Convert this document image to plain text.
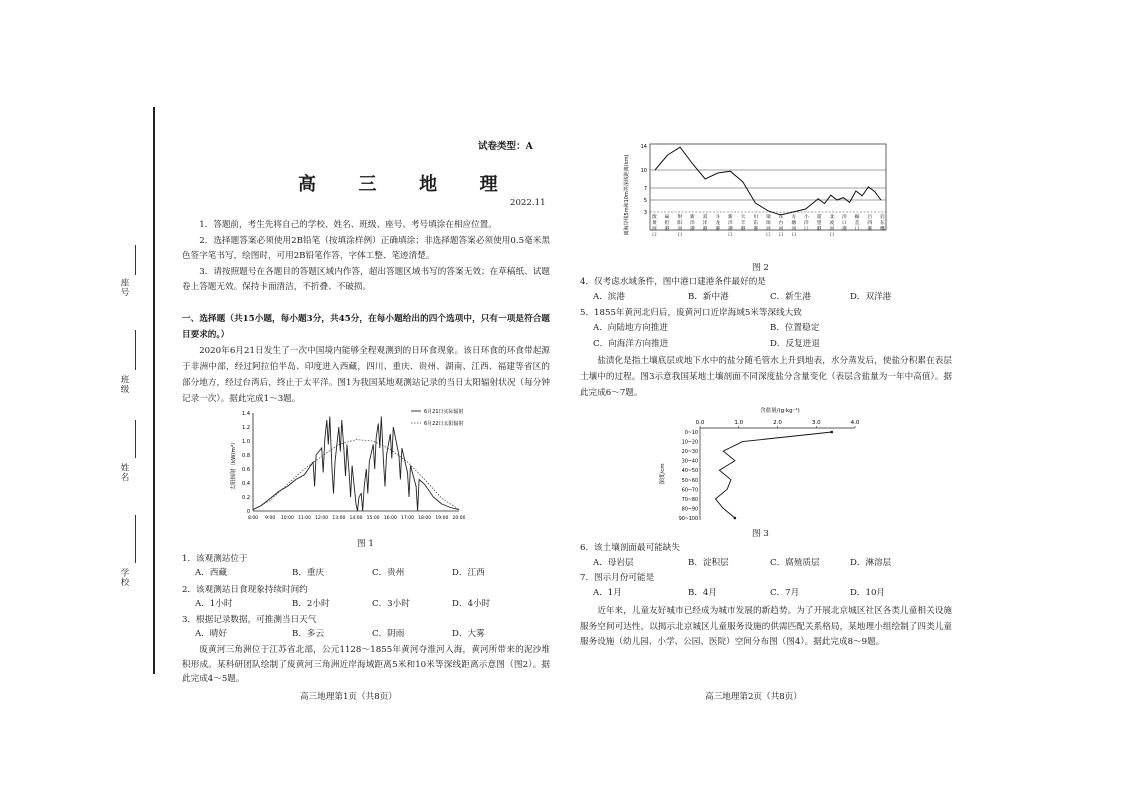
座号
班级
姓名
学校
试卷类型：A
高  三  地  理
2022.11
1．答题前，考生先将自己的学校、姓名、班级、座号、考号填涂在相应位置。
2．选择题答案必须使用2B铅笔（按填涂样例）正确填涂；非选择题答案必须使用0.5毫米黑色签字笔书写，绘图时，可用2B铅笔作答，字体工整、笔迹清楚。
3．请按照题号在各题目的答题区域内作答，超出答题区域书写的答案无效；在草稿纸、试题卷上答题无效。保持卡面清洁，不折叠、不破损。
一、选择题（共15小题，每小题3分，共45分，在每小题给出的四个选项中，只有一项是符合题目要求的。）
2020年6月21日发生了一次中国境内能够全程观测到的日环食现象。该日环食的环食带起源于非洲中部，经过阿拉伯半岛、印度进入西藏，四川、重庆、贵州、湖南、江西、福建等省区的部分地方，经过台湾后，终止于太平洋。图1为我国某地观测站记录的当日太阳辐射状况（每分钟记录一次）。据此完成1～3题。
太阳辐射（kW/m²）
1.4
1.2
1.0
0.8
0.6
0.4
0.2
0
8:00 9:00 10:00 11:00 12:00 13:00 14:00 15:00 16:00 17:00 18:00 19:00 20:00
6月21日实际辐射
6月22日太阳辐射
图 1
1．该观测站位于
A．西藏	B．重庆	C．贵州	D．江西
2．该观测站日食现象持续时间约
A．1小时	B．2小时	C．3小时	D．4小时
3．根据记录数据，可推测当日天气
A．晴好	B．多云	C．阴雨	D．大雾
废黄河三角洲位于江苏省北部，公元1128～1855年黄河夺淮河入海，黄河所带来的泥沙堆积形成。某科研团队绘制了废黄河三角洲近岸海域距离5米和10米等深线距离示意图（图2）。据此完成4～5题。
高三地理第1页（共8页）
离海岸线5m和10m等深线距离(km)
14
10
7
5
3
废黄河口
扁担港
射阳河口
新洋港
双洋港
斗龙港
新洋港口
大丰港
川东港
梁垛河口
东台河口
方塘河口
小洋口
遥望港
北凌河口
洋口港
掘苴口
吕四港
启东嘴
图 2
4．仅考虑水域条件，图中港口建港条件最好的是
A．滨港	B．新中港	C．新生港	D．双洋港
5．1855年黄河北归后，废黄河口近岸海域5米等深线大致
A．向陆地方向推进	B．位置稳定
C．向海洋方向推进	D．反复进退
盐渍化是指土壤底层或地下水中的盐分随毛管水上升到地表，水分蒸发后，使盐分积累在表层土壤中的过程。图3示意我国某地土壤剖面不同深度盐分含量变化（表层含盐量为一年中高值）。据此完成6～7题。
含盐量/(g·kg⁻¹)
深度/cm
0.0	1.0	2.0	3.0	4.0
0~10
10~20
20~30
30~40
40~50
50~60
60~70
70~80
80~90
90~100
图 3
6．该土壤剖面最可能缺失
A．母岩层	B．淀积层	C．腐殖质层	D．淋溶层
7．图示月份可能是
A．1月	B．4月	C．7月	D．10月
近年来，儿童友好城市已经成为城市发展的新趋势。为了开展北京城区社区各类儿童相关设施服务空间可达性，以揭示北京城区儿童服务设施的供需匹配关系格局，某地理小组绘制了四类儿童服务设施（幼儿园、小学、公园、医院）空间分布图（图4）。据此完成8～9题。
高三地理第2页（共8页）
